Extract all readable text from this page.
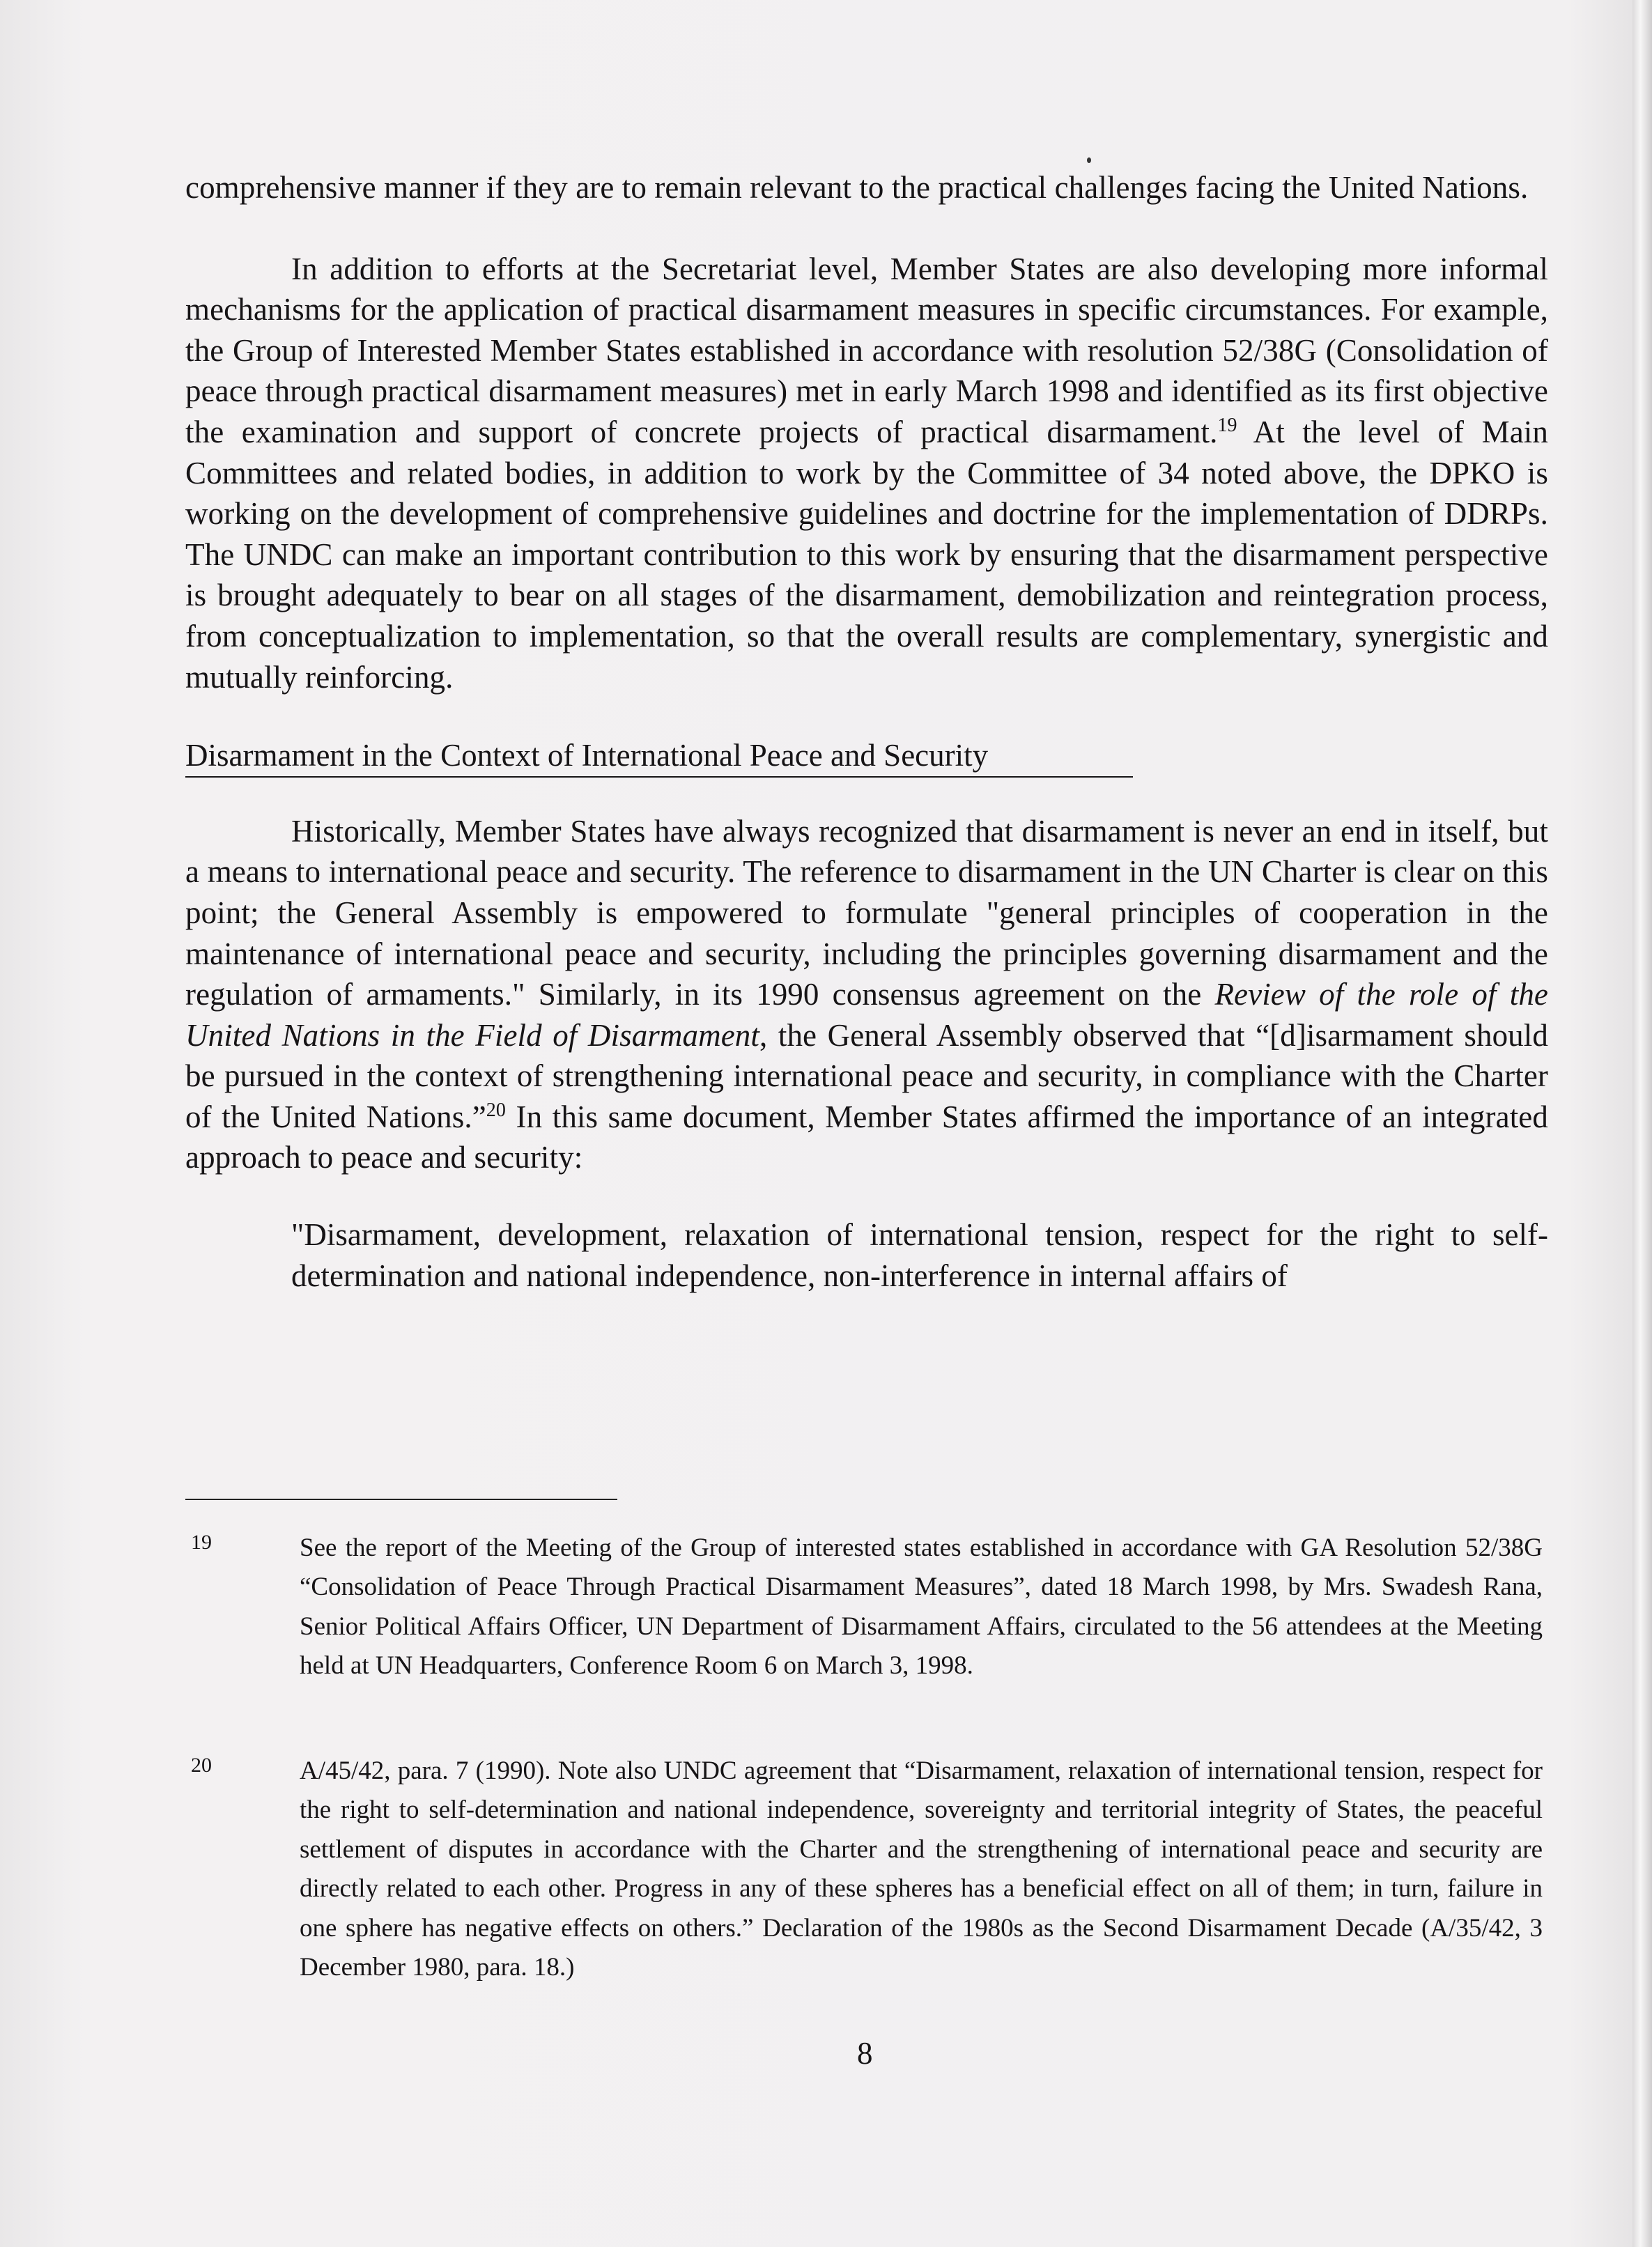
comprehensive manner if they are to remain relevant to the practical challenges facing the United Nations.

In addition to efforts at the Secretariat level, Member States are also developing more informal mechanisms for the application of practical disarmament measures in specific circumstances. For example, the Group of Interested Member States established in accordance with resolution 52/38G (Consolidation of peace through practical disarmament measures) met in early March 1998 and identified as its first objective the examination and support of concrete projects of practical disarmament.$^{19}$ At the level of Main Committees and related bodies, in addition to work by the Committee of 34 noted above, the DPKO is working on the development of comprehensive guidelines and doctrine for the implementation of DDRPs. The UNDC can make an important contribution to this work by ensuring that the disarmament perspective is brought adequately to bear on all stages of the disarmament, demobilization and reintegration process, from conceptualization to implementation, so that the overall results are complementary, synergistic and mutually reinforcing.

Disarmament in the Context of International Peace and Security

Historically, Member States have always recognized that disarmament is never an end in itself, but a means to international peace and security. The reference to disarmament in the UN Charter is clear on this point; the General Assembly is empowered to formulate "general principles of cooperation in the maintenance of international peace and security, including the principles governing disarmament and the regulation of armaments." Similarly, in its 1990 consensus agreement on the Review of the role of the United Nations in the Field of Disarmament, the General Assembly observed that “[d]isarmament should be pursued in the context of strengthening international peace and security, in compliance with the Charter of the United Nations.”$^{20}$ In this same document, Member States affirmed the importance of an integrated approach to peace and security:

"Disarmament, development, relaxation of international tension, respect for the right to self-determination and national independence, non-interference in internal affairs of

19	See the report of the Meeting of the Group of interested states established in accordance with GA Resolution 52/38G “Consolidation of Peace Through Practical Disarmament Measures”, dated 18 March 1998, by Mrs. Swadesh Rana, Senior Political Affairs Officer, UN Department of Disarmament Affairs, circulated to the 56 attendees at the Meeting held at UN Headquarters, Conference Room 6 on March 3, 1998.
20	A/45/42, para. 7 (1990). Note also UNDC agreement that “Disarmament, relaxation of international tension, respect for the right to self-determination and national independence, sovereignty and territorial integrity of States, the peaceful settlement of disputes in accordance with the Charter and the strengthening of international peace and security are directly related to each other. Progress in any of these spheres has a beneficial effect on all of them; in turn, failure in one sphere has negative effects on others.” Declaration of the 1980s as the Second Disarmament Decade (A/35/42, 3 December 1980, para. 18.)
8
